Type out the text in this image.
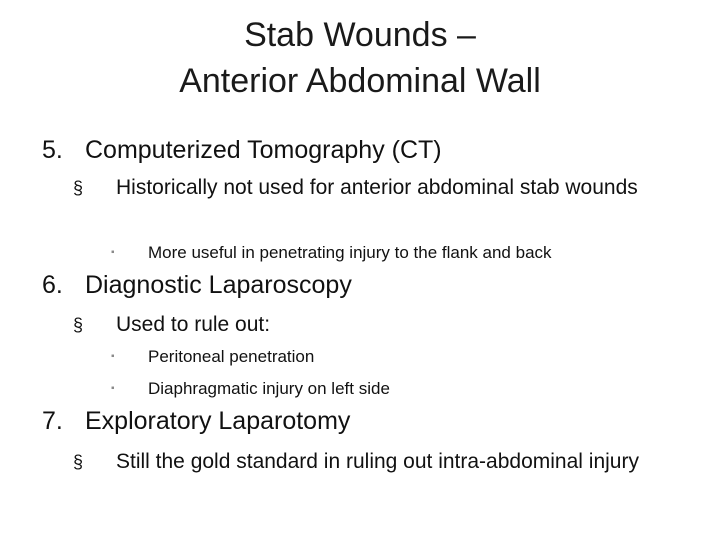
Stab Wounds –
Anterior Abdominal Wall
5. Computerized Tomography (CT)
§ Historically not used for anterior abdominal stab wounds
▪ More useful in penetrating injury to the flank and back
6. Diagnostic Laparoscopy
§ Used to rule out:
▪ Peritoneal penetration
▪ Diaphragmatic injury on left side
7. Exploratory Laparotomy
§ Still the gold standard in ruling out intra-abdominal injury
